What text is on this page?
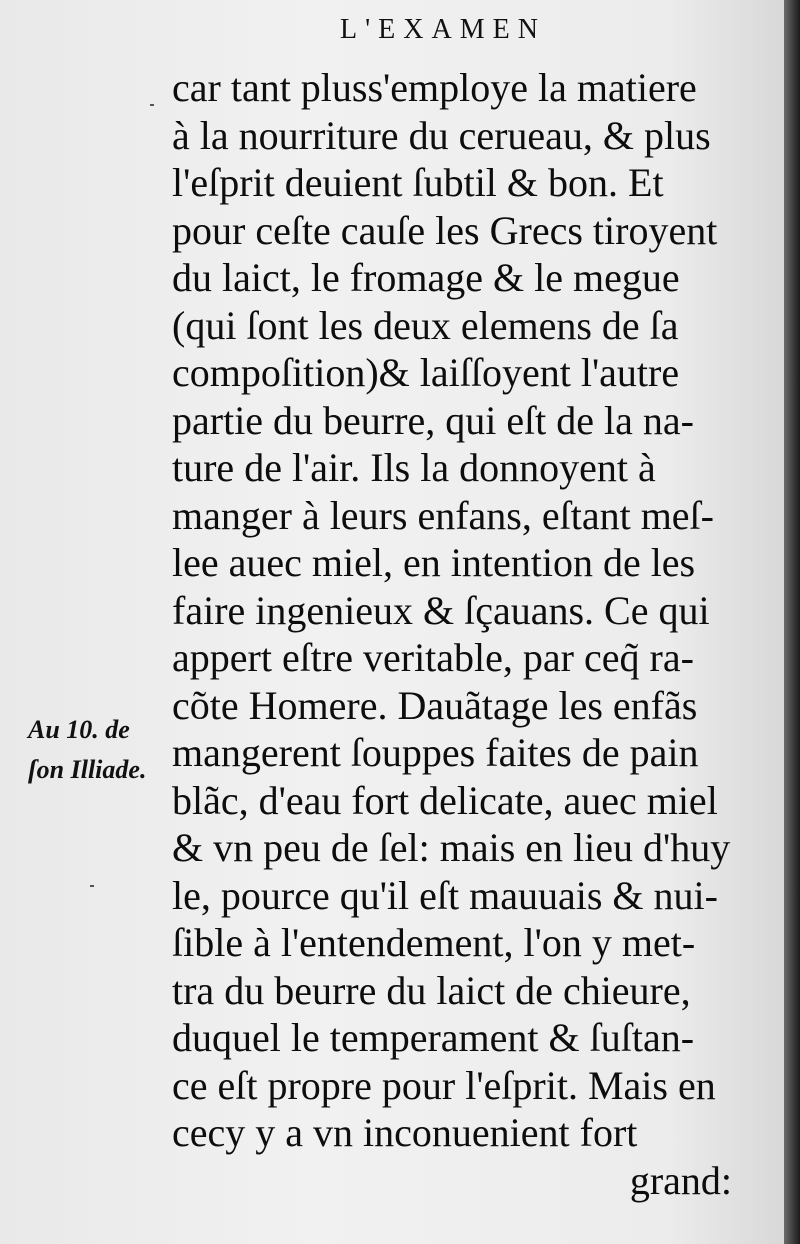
L'EXAMEN
car tant pluss'employe la matiere
à la nourriture du cerueau, & plus
l'eſprit deuient ſubtil & bon. Et
pour ceſte cauſe les Grecs tiroyent
du laict, le fromage & le megue
(qui ſont les deux elemens de ſa
compoſition)& laiſſoyent l'autre
partie du beurre, qui eſt de la na-
ture de l'air. Ils la donnoyent à
manger à leurs enfans, eſtant meſ-
lee auec miel, en intention de les
faire ingenieux & ſçauans. Ce qui
appert eſtre veritable, par ceq̃ ra-
cõte Homere. Dauãtage les enfãs
mangerent ſouppes faites de pain
blãc, d'eau fort delicate, auec miel
& vn peu de ſel: mais en lieu d'huy
le, pource qu'il eſt mauuais & nui-
ſible à l'entendement, l'on y met-
tra du beurre du laict de chieure,
duquel le temperament & ſuſtan-
ce eſt propre pour l'eſprit. Mais en
cecy y a vn inconuenient fort
grand:
Au 10. de
ſon Illiade.
